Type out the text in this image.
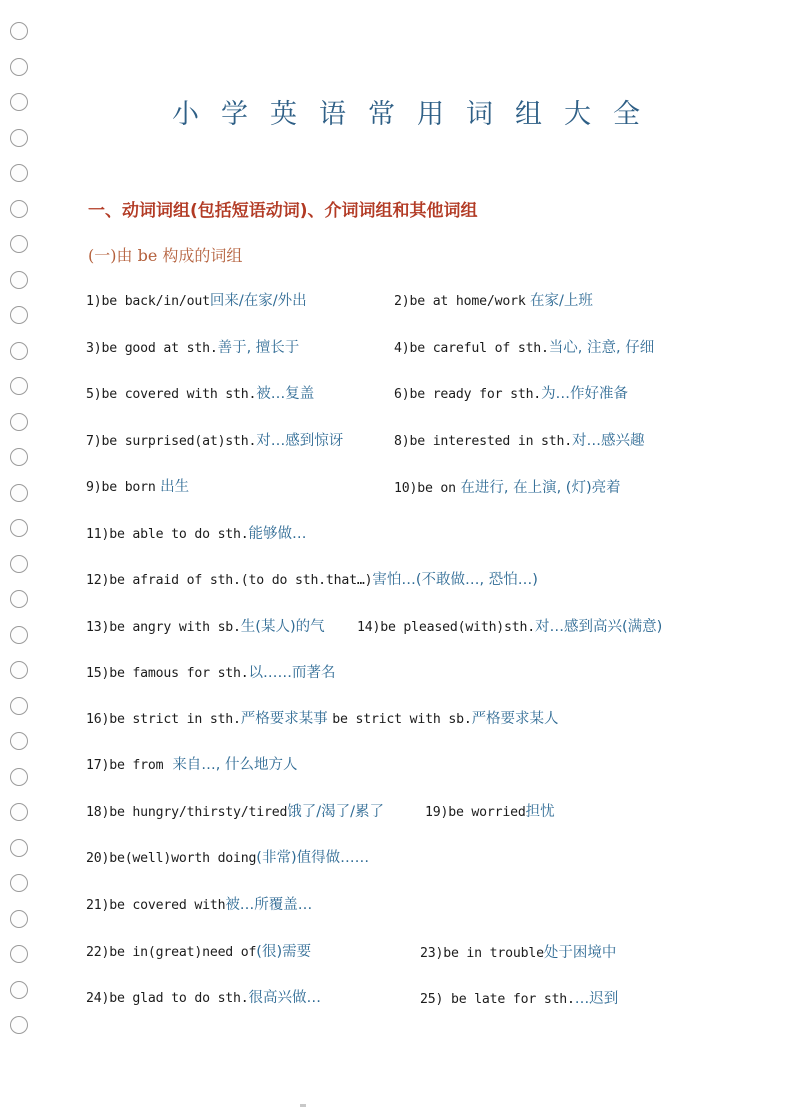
小学英语常用词组大全
一、动词词组(包括短语动词)、介词词组和其他词组
(一)由 be 构成的词组
1)be back/in/out回来/在家/外出	2)be at home/work 在家/上班
3)be good at sth.善于, 擅长于	4)be careful of sth.当心, 注意, 仔细
5)be covered with sth.被…复盖	6)be ready for sth.为…作好准备
7)be surprised(at)sth.对…感到惊讶	8)be interested in sth.对…感兴趣
9)be born 出生	10)be on 在进行, 在上演, (灯)亮着
11)be able to do sth.能够做…
12)be afraid of sth.(to do sth.that…)害怕…(不敢做…, 恐怕…)
13)be angry with sb.生(某人)的气 14)be pleased(with)sth.对…感到高兴(满意)
15)be famous for sth.以……而著名
16)be strict in sth.严格要求某事 be strict with sb.严格要求某人
17)be from 来自…, 什么地方人
18)be hungry/thirsty/tired饿了/渴了/累了	19)be worried担忧
20)be(well)worth doing(非常)值得做……
21)be covered with被…所覆盖…
22)be in(great)need of(很)需要	23)be in trouble处于困境中
24)be glad to do sth.很高兴做…	25) be late for sth.…迟到
